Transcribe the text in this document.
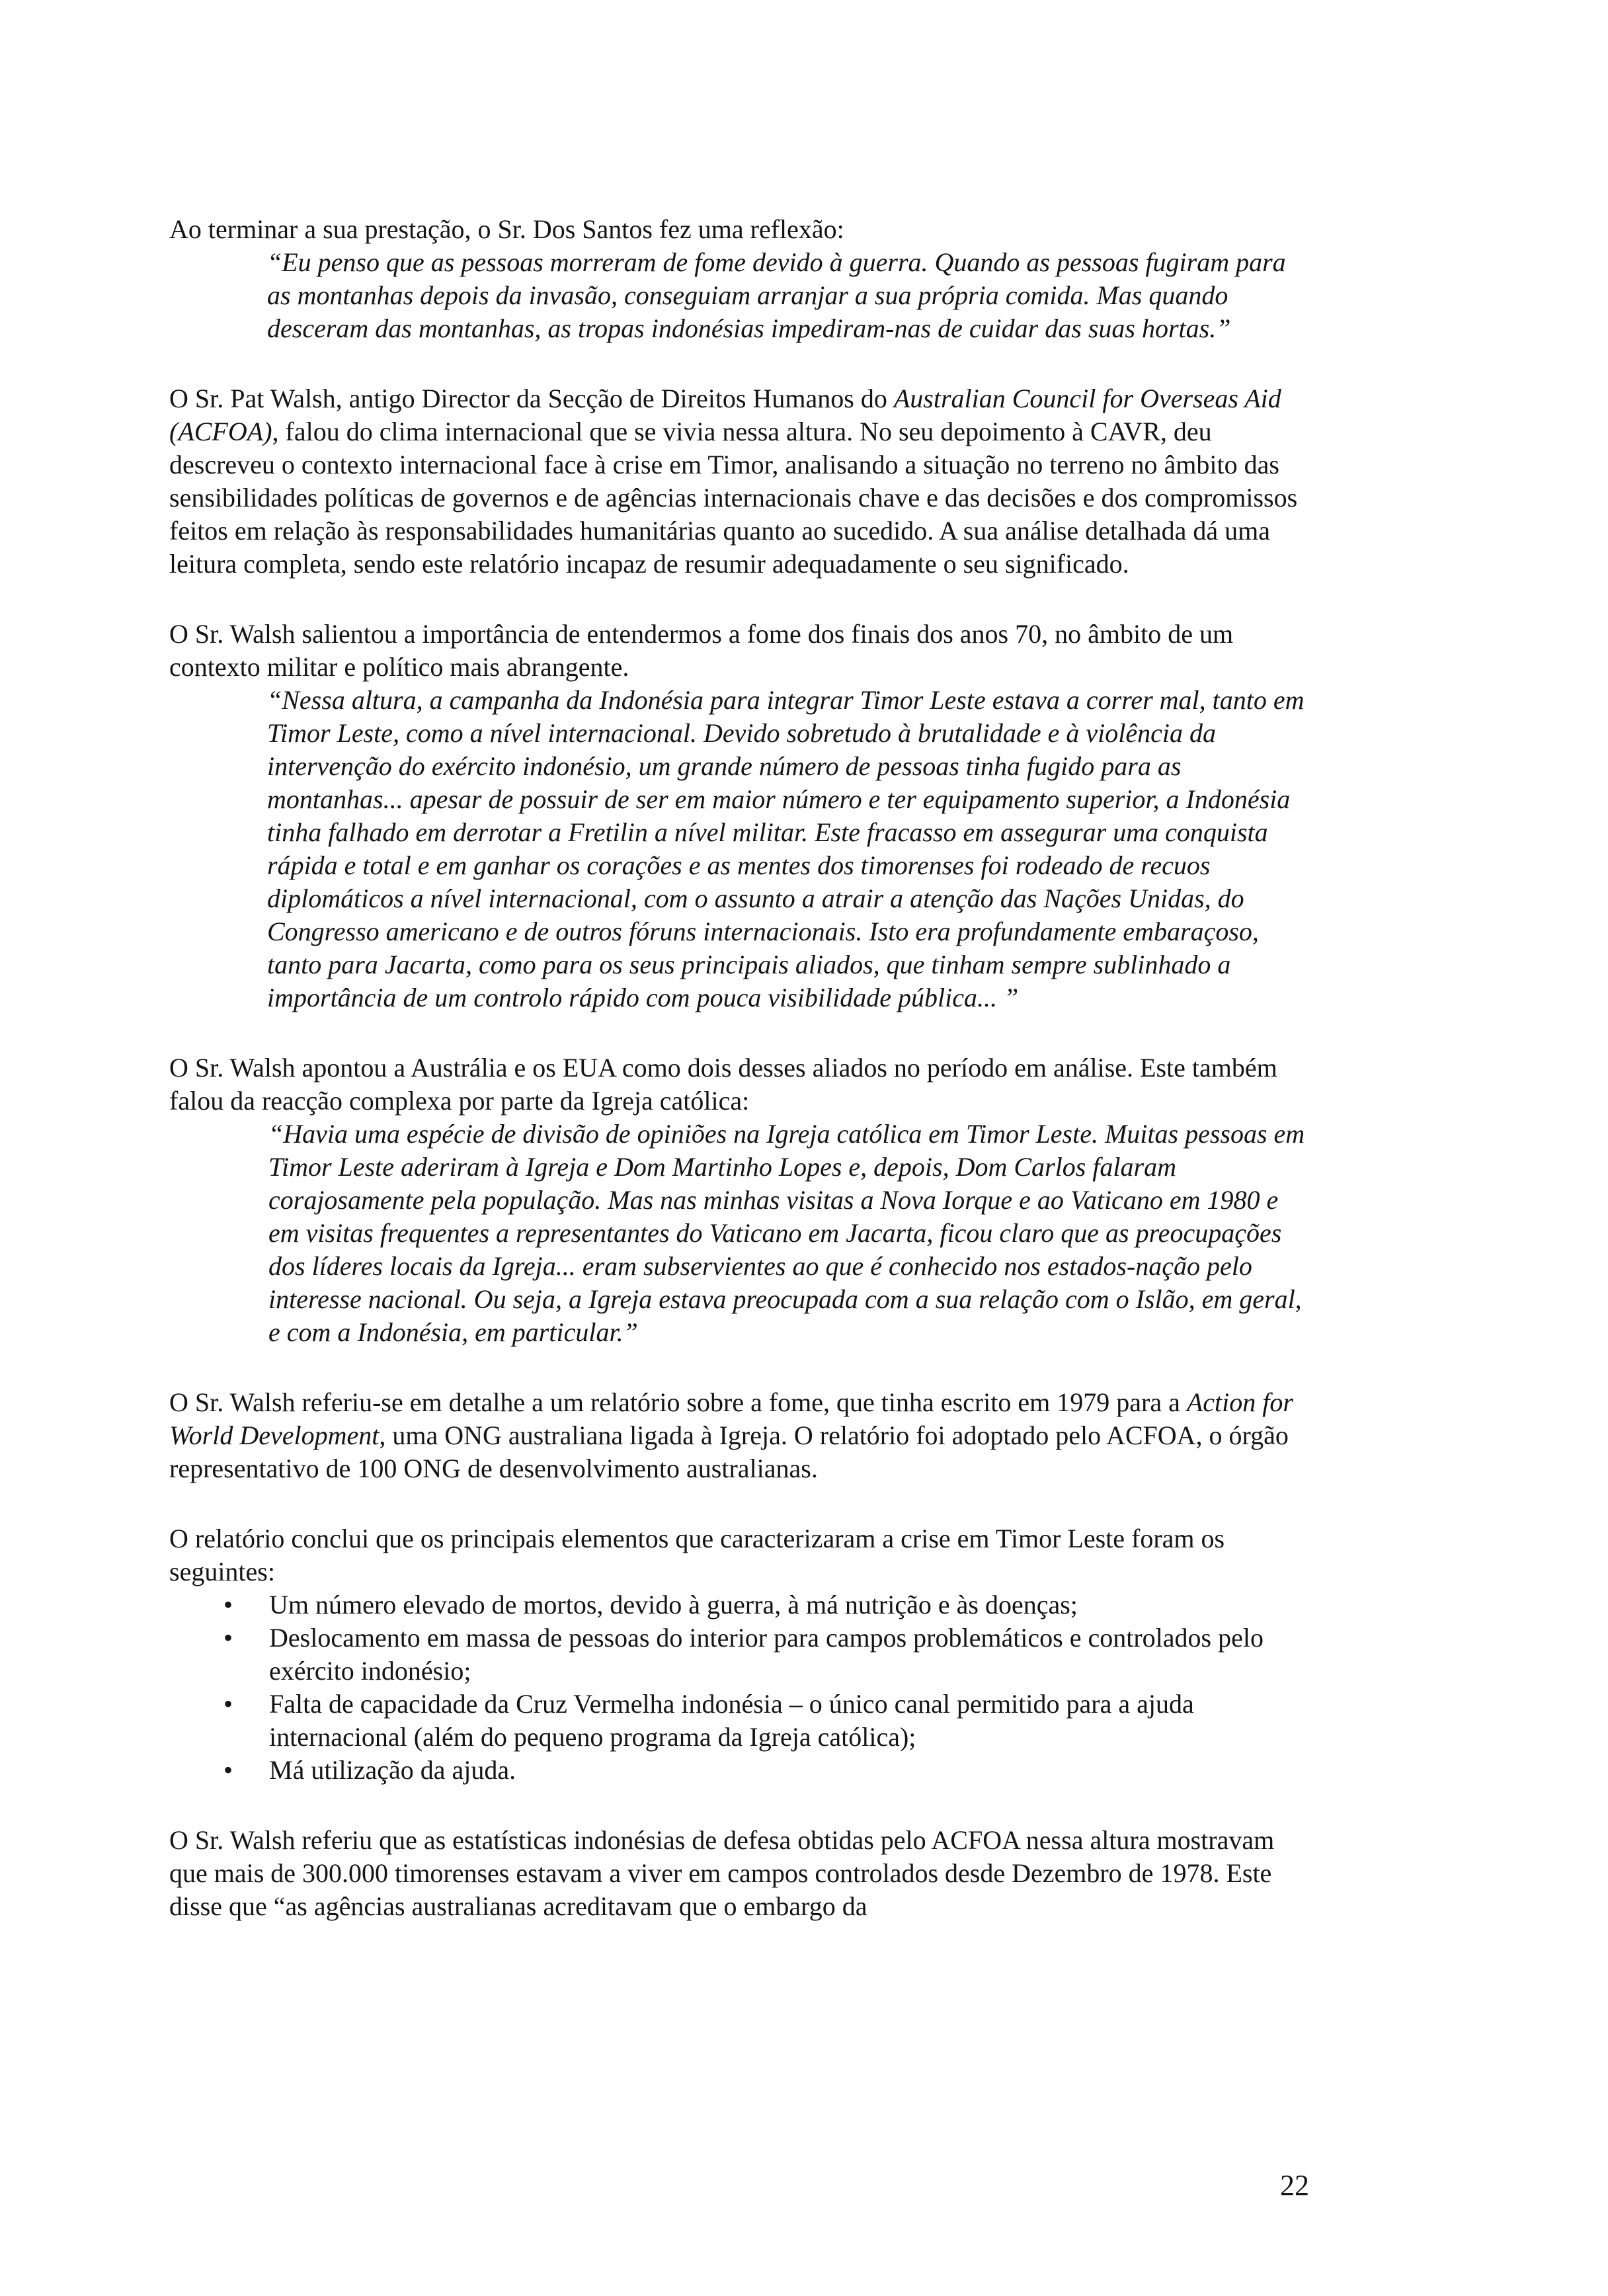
Ao terminar a sua prestação, o Sr. Dos Santos fez uma reflexão:

“Eu penso que as pessoas morreram de fome devido à guerra. Quando as pessoas fugiram para as montanhas depois da invasão, conseguiam arranjar a sua própria comida. Mas quando desceram das montanhas, as tropas indonésias impediram-nas de cuidar das suas hortas.”

O Sr. Pat Walsh, antigo Director da Secção de Direitos Humanos do Australian Council for Overseas Aid (ACFOA), falou do clima internacional que se vivia nessa altura. No seu depoimento à CAVR, deu descreveu o contexto internacional face à crise em Timor, analisando a situação no terreno no âmbito das sensibilidades políticas de governos e de agências internacionais chave e das decisões e dos compromissos feitos em relação às responsabilidades humanitárias quanto ao sucedido. A sua análise detalhada dá uma leitura completa, sendo este relatório incapaz de resumir adequadamente o seu significado.

O Sr. Walsh salientou a importância de entendermos a fome dos finais dos anos 70, no âmbito de um contexto militar e político mais abrangente.

“Nessa altura, a campanha da Indonésia para integrar Timor Leste estava a correr mal, tanto em Timor Leste, como a nível internacional. Devido sobretudo à brutalidade e à violência da intervenção do exército indonésio, um grande número de pessoas tinha fugido para as montanhas... apesar de possuir de ser em maior número e ter equipamento superior, a Indonésia tinha falhado em derrotar a Fretilin a nível militar. Este fracasso em assegurar uma conquista rápida e total e em ganhar os corações e as mentes dos timorenses foi rodeado de recuos diplomáticos a nível internacional, com o assunto a atrair a atenção das Nações Unidas, do Congresso americano e de outros fóruns internacionais. Isto era profundamente embaraçoso, tanto para Jacarta, como para os seus principais aliados, que tinham sempre sublinhado a importância de um controlo rápido com pouca visibilidade pública... ”

O Sr. Walsh apontou a Austrália e os EUA como dois desses aliados no período em análise. Este também falou da reacção complexa por parte da Igreja católica:

“Havia uma espécie de divisão de opiniões na Igreja católica em Timor Leste. Muitas pessoas em Timor Leste aderiram à Igreja e Dom Martinho Lopes e, depois, Dom Carlos falaram corajosamente pela população. Mas nas minhas visitas a Nova Iorque e ao Vaticano em 1980 e em visitas frequentes a representantes do Vaticano em Jacarta, ficou claro que as preocupações dos líderes locais da Igreja... eram subservientes ao que é conhecido nos estados-nação pelo interesse nacional. Ou seja, a Igreja estava preocupada com a sua relação com o Islão, em geral, e com a Indonésia, em particular.”

O Sr. Walsh referiu-se em detalhe a um relatório sobre a fome, que tinha escrito em 1979 para a Action for World Development, uma ONG australiana ligada à Igreja. O relatório foi adoptado pelo ACFOA, o órgão representativo de 100 ONG de desenvolvimento australianas.

O relatório conclui que os principais elementos que caracterizaram a crise em Timor Leste foram os seguintes:

• Um número elevado de mortos, devido à guerra, à má nutrição e às doenças;
• Deslocamento em massa de pessoas do interior para campos problemáticos e controlados pelo exército indonésio;
• Falta de capacidade da Cruz Vermelha indonésia – o único canal permitido para a ajuda internacional (além do pequeno programa da Igreja católica);
• Má utilização da ajuda.

O Sr. Walsh referiu que as estatísticas indonésias de defesa obtidas pelo ACFOA nessa altura mostravam que mais de 300.000 timorenses estavam a viver em campos controlados desde Dezembro de 1978. Este disse que “as agências australianas acreditavam que o embargo da

22
